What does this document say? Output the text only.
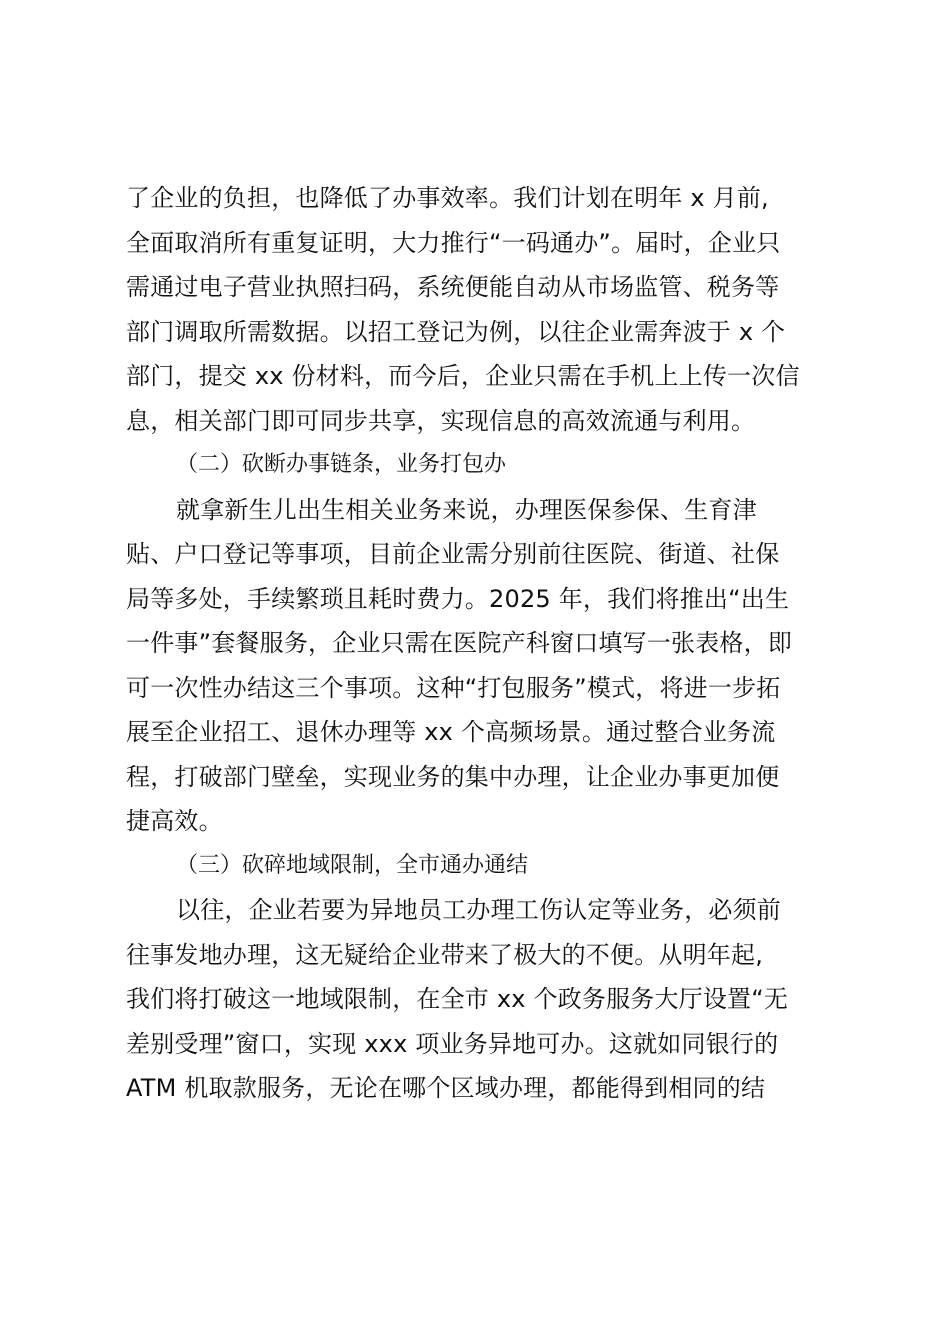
了企业的负担，也降低了办事效率。我们计划在明年 x 月前,
全面取消所有重复证明，大力推行“一码通办”。届时，企业只
需通过电子营业执照扫码，系统便能自动从市场监管、税务等
部门调取所需数据。以招工登记为例，以往企业需奔波于 x 个
部门，提交 xx 份材料，而今后，企业只需在手机上上传一次信
息，相关部门即可同步共享，实现信息的高效流通与利用。
（二）砍断办事链条，业务打包办
就拿新生儿出生相关业务来说，办理医保参保、生育津
贴、户口登记等事项，目前企业需分别前往医院、街道、社保
局等多处，手续繁琐且耗时费力。2025 年，我们将推出“出生
一件事”套餐服务，企业只需在医院产科窗口填写一张表格，即
可一次性办结这三个事项。这种“打包服务”模式，将进一步拓
展至企业招工、退休办理等 xx 个高频场景。通过整合业务流
程，打破部门壁垒，实现业务的集中办理，让企业办事更加便
捷高效。
（三）砍碎地域限制，全市通办通结
以往，企业若要为异地员工办理工伤认定等业务，必须前
往事发地办理，这无疑给企业带来了极大的不便。从明年起,
我们将打破这一地域限制，在全市 xx 个政务服务大厅设置“无
差别受理”窗口，实现 xxx 项业务异地可办。这就如同银行的
ATM 机取款服务，无论在哪个区域办理，都能得到相同的结
